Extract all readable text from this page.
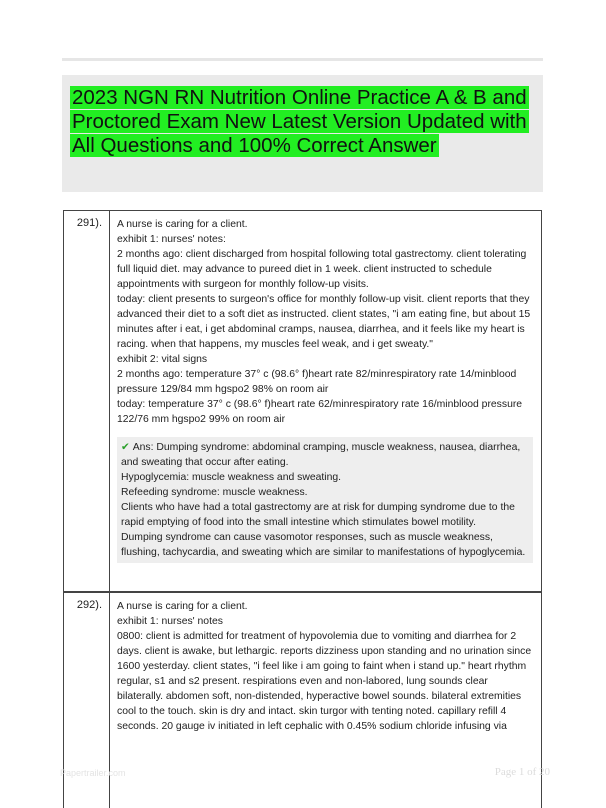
2023 NGN RN Nutrition Online Practice A & B and Proctored Exam New Latest Version Updated with All Questions and 100% Correct Answer
291). A nurse is caring for a client.

exhibit 1: nurses' notes:

2 months ago: client discharged from hospital following total gastrectomy. client tolerating full liquid diet. may advance to pureed diet in 1 week. client instructed to schedule appointments with surgeon for monthly follow-up visits.

today: client presents to surgeon's office for monthly follow-up visit. client reports that they advanced their diet to a soft diet as instructed. client states, "i am eating fine, but about 15 minutes after i eat, i get abdominal cramps, nausea, diarrhea, and it feels like my heart is racing. when that happens, my muscles feel weak, and i get sweaty."

exhibit 2: vital signs

2 months ago: temperature 37° c (98.6° f)heart rate 82/minrespiratory rate 14/minblood pressure 129/84 mm hgspo2 98% on room air

today: temperature 37° c (98.6° f)heart rate 62/minrespiratory rate 16/minblood pressure 122/76 mm hgspo2 99% on room air

✔ Ans: Dumping syndrome: abdominal cramping, muscle weakness, nausea, diarrhea, and sweating that occur after eating.

Hypoglycemia: muscle weakness and sweating.

Refeeding syndrome: muscle weakness.

Clients who have had a total gastrectomy are at risk for dumping syndrome due to the rapid emptying of food into the small intestine which stimulates bowel motility.

Dumping syndrome can cause vasomotor responses, such as muscle weakness, flushing, tachycardia, and sweating which are similar to manifestations of hypoglycemia.

292). A nurse is caring for a client.

exhibit 1: nurses' notes

0800: client is admitted for treatment of hypovolemia due to vomiting and diarrhea for 2 days. client is awake, but lethargic. reports dizziness upon standing and no urination since 1600 yesterday. client states, "i feel like i am going to faint when i stand up." heart rhythm regular, s1 and s2 present. respirations even and non-labored, lung sounds clear bilaterally. abdomen soft, non-distended, hyperactive bowel sounds. bilateral extremities cool to the touch. skin is dry and intact. skin turgor with tenting noted. capillary refill 4 seconds. 20 gauge iv initiated in left cephalic with 0.45% sodium chloride infusing via

Papertrailer.com	Page 1 of 20
